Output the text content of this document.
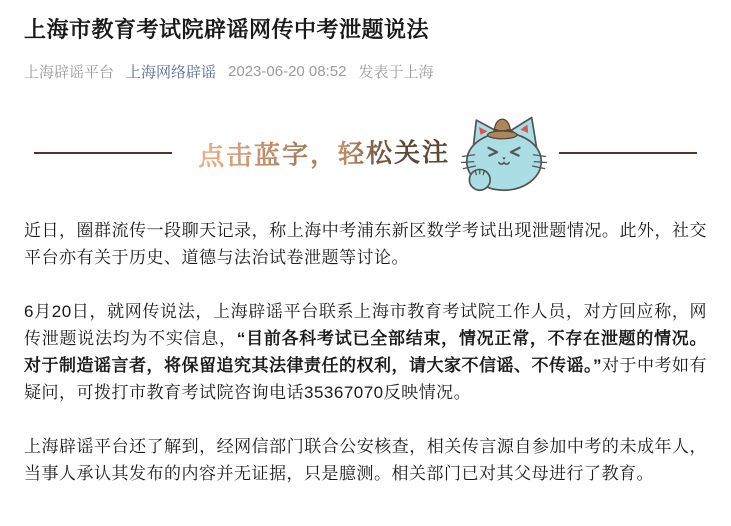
上海市教育考试院辟谣网传中考泄题说法
上海辟谣平台 上海网络辟谣 2023-06-20 08:52 发表于上海
点击蓝字，轻松关注

近日，圈群流传一段聊天记录，称上海中考浦东新区数学考试出现泄题情况。此外，社交平台亦有关于历史、道德与法治试卷泄题等讨论。

6月20日，就网传说法，上海辟谣平台联系上海市教育考试院工作人员，对方回应称，网传泄题说法均为不实信息，“目前各科考试已全部结束，情况正常，不存在泄题的情况。对于制造谣言者，将保留追究其法律责任的权利，请大家不信谣、不传谣。”对于中考如有疑问，可拨打市教育考试院咨询电话35367070反映情况。

上海辟谣平台还了解到，经网信部门联合公安核查，相关传言源自参加中考的未成年人，当事人承认其发布的内容并无证据，只是臆测。相关部门已对其父母进行了教育。
